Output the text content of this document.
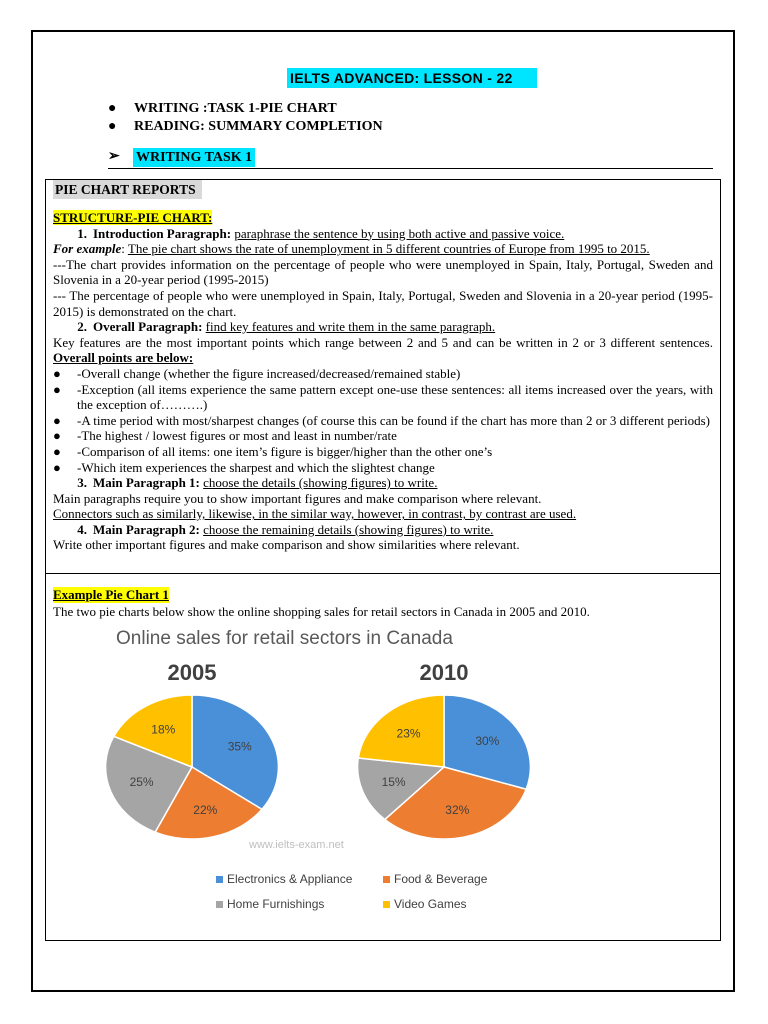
IELTS ADVANCED: LESSON - 22
● WRITING :TASK 1-PIE CHART
● READING: SUMMARY COMPLETION
➢ WRITING TASK 1
PIE CHART REPORTS

STRUCTURE-PIE CHART:

1. Introduction Paragraph: paraphrase the sentence by using both active and passive voice.

For example: The pie chart shows the rate of unemployment in 5 different countries of Europe from 1995 to 2015.

---The chart provides information on the percentage of people who were unemployed in Spain, Italy, Portugal, Sweden and Slovenia in a 20-year period (1995-2015)

--- The percentage of people who were unemployed in Spain, Italy, Portugal, Sweden and Slovenia in a 20-year period (1995-2015) is demonstrated on the chart.

2. Overall Paragraph: find key features and write them in the same paragraph.

Key features are the most important points which range between 2 and 5 and can be written in 2 or 3 different sentences. Overall points are below:

● -Overall change (whether the figure increased/decreased/remained stable)
● -Exception (all items experience the same pattern except one-use these sentences: all items increased over the years, with the exception of……….)
● -A time period with most/sharpest changes (of course this can be found if the chart has more than 2 or 3 different periods)
● -The highest / lowest figures or most and least in number/rate
● -Comparison of all items: one item’s figure is bigger/higher than the other one’s
● -Which item experiences the sharpest and which the slightest change

3. Main Paragraph 1: choose the details (showing figures) to write.

Main paragraphs require you to show important figures and make comparison where relevant.

Connectors such as similarly, likewise, in the similar way, however, in contrast, by contrast are used.

4. Main Paragraph 2: choose the remaining details (showing figures) to write.

Write other important figures and make comparison and show similarities where relevant.

Example Pie Chart 1
The two pie charts below show the online shopping sales for retail sectors in Canada in 2005 and 2010.
Online sales for retail sectors in Canada
2005
35%
22%
25%
18%
2010
30%
32%
15%
23%
www.ielts-exam.net
Electronics & Appliance	Food & Beverage
Home Furnishings	Video Games
